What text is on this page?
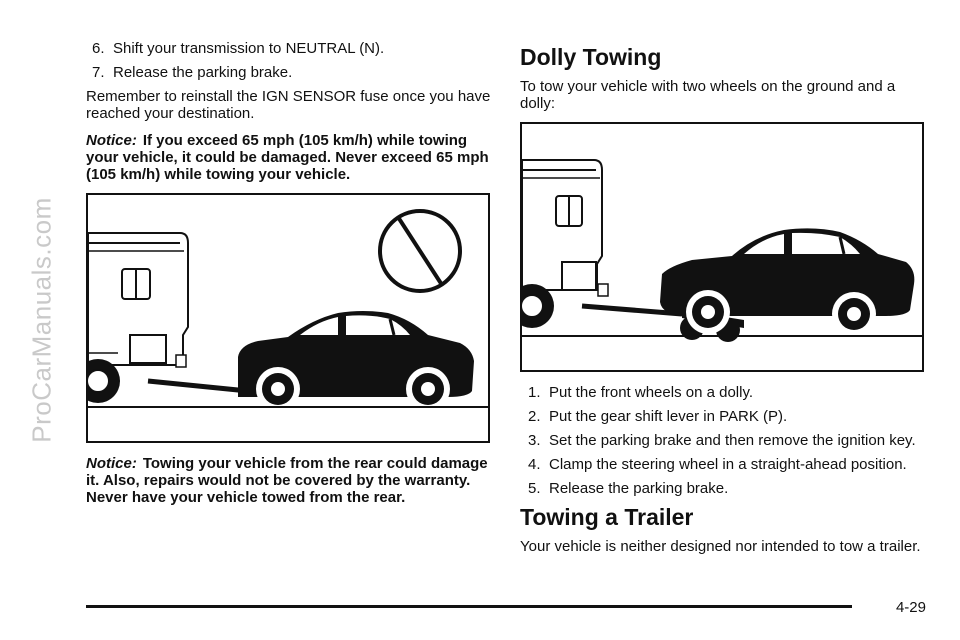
ProCarManuals.com
6. Shift your transmission to NEUTRAL (N).
7. Release the parking brake.

Remember to reinstall the IGN SENSOR fuse once you have reached your destination.

Notice: If you exceed 65 mph (105 km/h) while towing your vehicle, it could be damaged. Never exceed 65 mph (105 km/h) while towing your vehicle.

Notice: Towing your vehicle from the rear could damage it. Also, repairs would not be covered by the warranty. Never have your vehicle towed from the rear.

Dolly Towing

To tow your vehicle with two wheels on the ground and a dolly:

1. Put the front wheels on a dolly.
2. Put the gear shift lever in PARK (P).
3. Set the parking brake and then remove the ignition key.
4. Clamp the steering wheel in a straight-ahead position.
5. Release the parking brake.
Towing a Trailer

Your vehicle is neither designed nor intended to tow a trailer.

4-29
